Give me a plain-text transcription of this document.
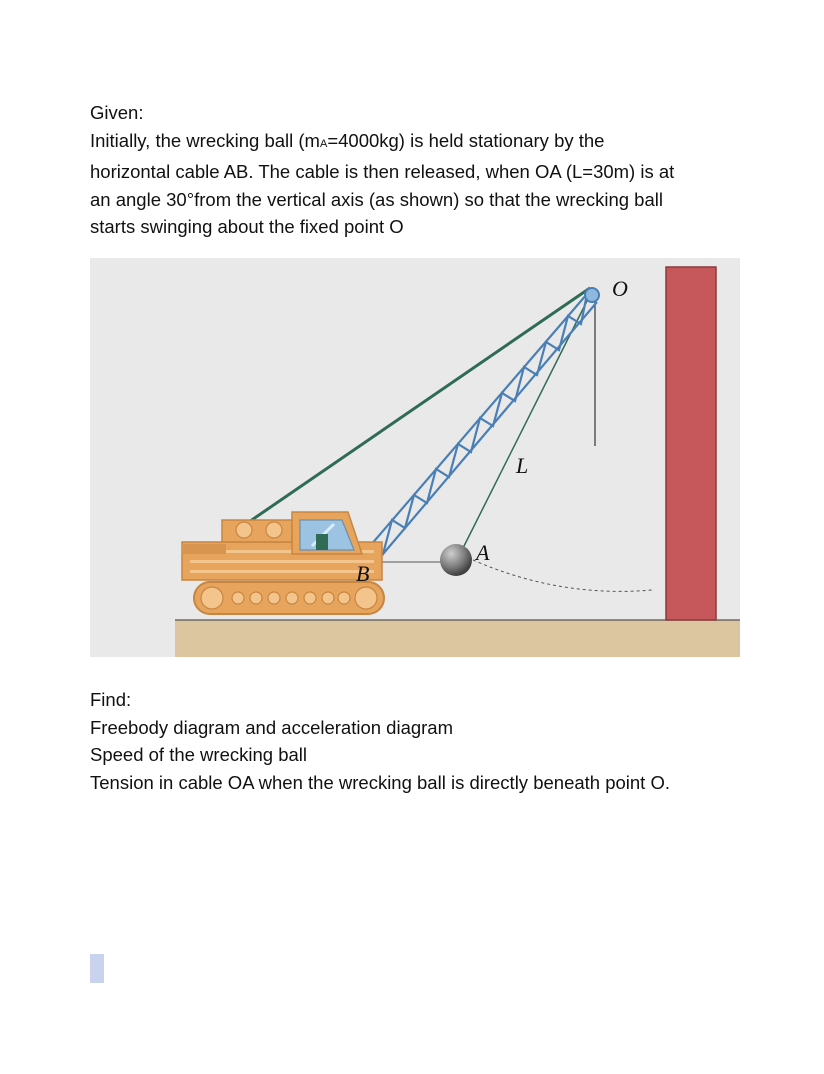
Given:

Initially, the wrecking ball (mA=4000kg) is held stationary by the

horizontal cable AB. The cable is then released, when OA (L=30m) is at

an angle 30°from the vertical axis (as shown) so that the wrecking ball

starts swinging about the fixed point O

O
L
A
B

Find:

Freebody diagram and acceleration diagram

Speed of the wrecking ball

Tension in cable OA when the wrecking ball is directly beneath point O.
